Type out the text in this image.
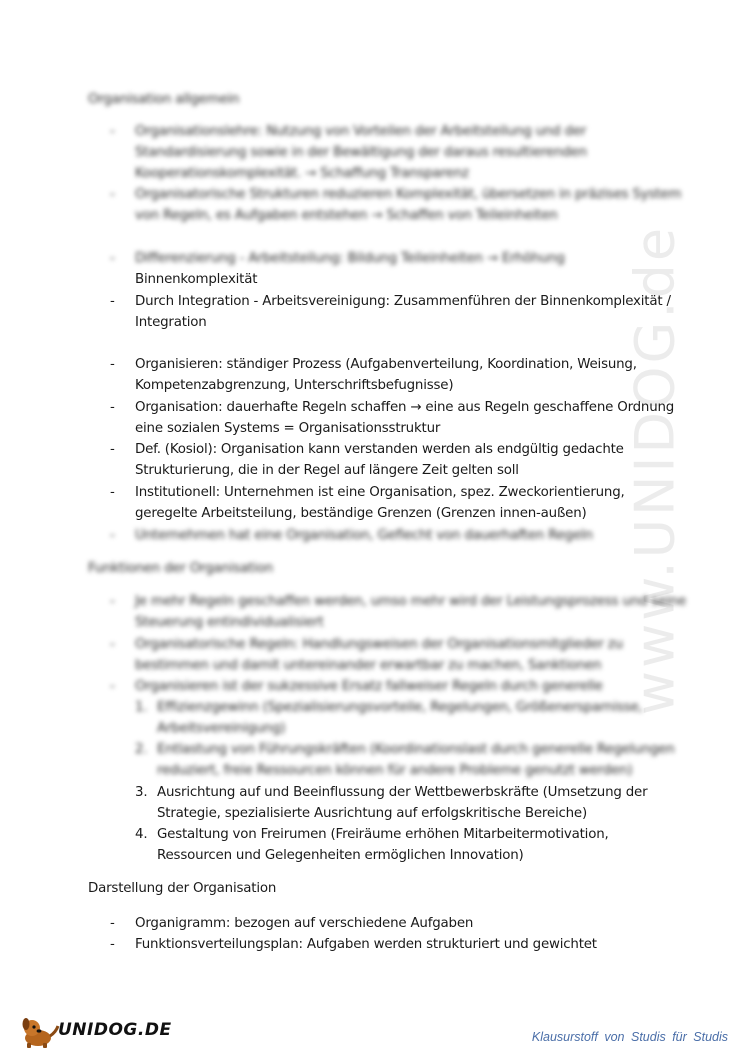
www.UNIDOG.de
Organisation allgemein
- Organisationslehre: Nutzung von Vorteilen der Arbeitsteilung und der
Standardisierung sowie in der Bewältigung der daraus resultierenden
Kooperationskomplexität. → Schaffung Transparenz
- Organisatorische Strukturen reduzieren Komplexität, übersetzen in präzises System
von Regeln, es Aufgaben entstehen → Schaffen von Teileinheiten
- Differenzierung - Arbeitsteilung: Bildung Teileinheiten → Erhöhung
Binnenkomplexität
- Durch Integration - Arbeitsvereinigung: Zusammenführen der Binnenkomplexität /
Integration
- Organisieren: ständiger Prozess (Aufgabenverteilung, Koordination, Weisung,
Kompetenzabgrenzung, Unterschriftsbefugnisse)
- Organisation: dauerhafte Regeln schaffen → eine aus Regeln geschaffene Ordnung
eine sozialen Systems = Organisationsstruktur
- Def. (Kosiol): Organisation kann verstanden werden als endgültig gedachte
Strukturierung, die in der Regel auf längere Zeit gelten soll
- Institutionell: Unternehmen ist eine Organisation, spez. Zweckorientierung,
geregelte Arbeitsteilung, beständige Grenzen (Grenzen innen-außen)
- Unternehmen hat eine Organisation, Geflecht von dauerhaften Regeln
Funktionen der Organisation
- Je mehr Regeln geschaffen werden, umso mehr wird der Leistungsprozess und seine
Steuerung entindividualisiert
- Organisatorische Regeln: Handlungsweisen der Organisationsmitglieder zu
bestimmen und damit untereinander erwartbar zu machen, Sanktionen
- Organisieren ist der sukzessive Ersatz fallweiser Regeln durch generelle
1. Effizienzgewinn (Spezialisierungsvorteile, Regelungen, Größenersparnisse,
Arbeitsvereinigung)
2. Entlastung von Führungskräften (Koordinationslast durch generelle Regelungen
reduziert, freie Ressourcen können für andere Probleme genutzt werden)
3. Ausrichtung auf und Beeinflussung der Wettbewerbskräfte (Umsetzung der
Strategie, spezialisierte Ausrichtung auf erfolgskritische Bereiche)
4. Gestaltung von Freirumen (Freiräume erhöhen Mitarbeitermotivation,
Ressourcen und Gelegenheiten ermöglichen Innovation)
Darstellung der Organisation
- Organigramm: bezogen auf verschiedene Aufgaben
- Funktionsverteilungsplan: Aufgaben werden strukturiert und gewichtet
UNIDOG.DE	Klausurstoff von Studis für Studis
